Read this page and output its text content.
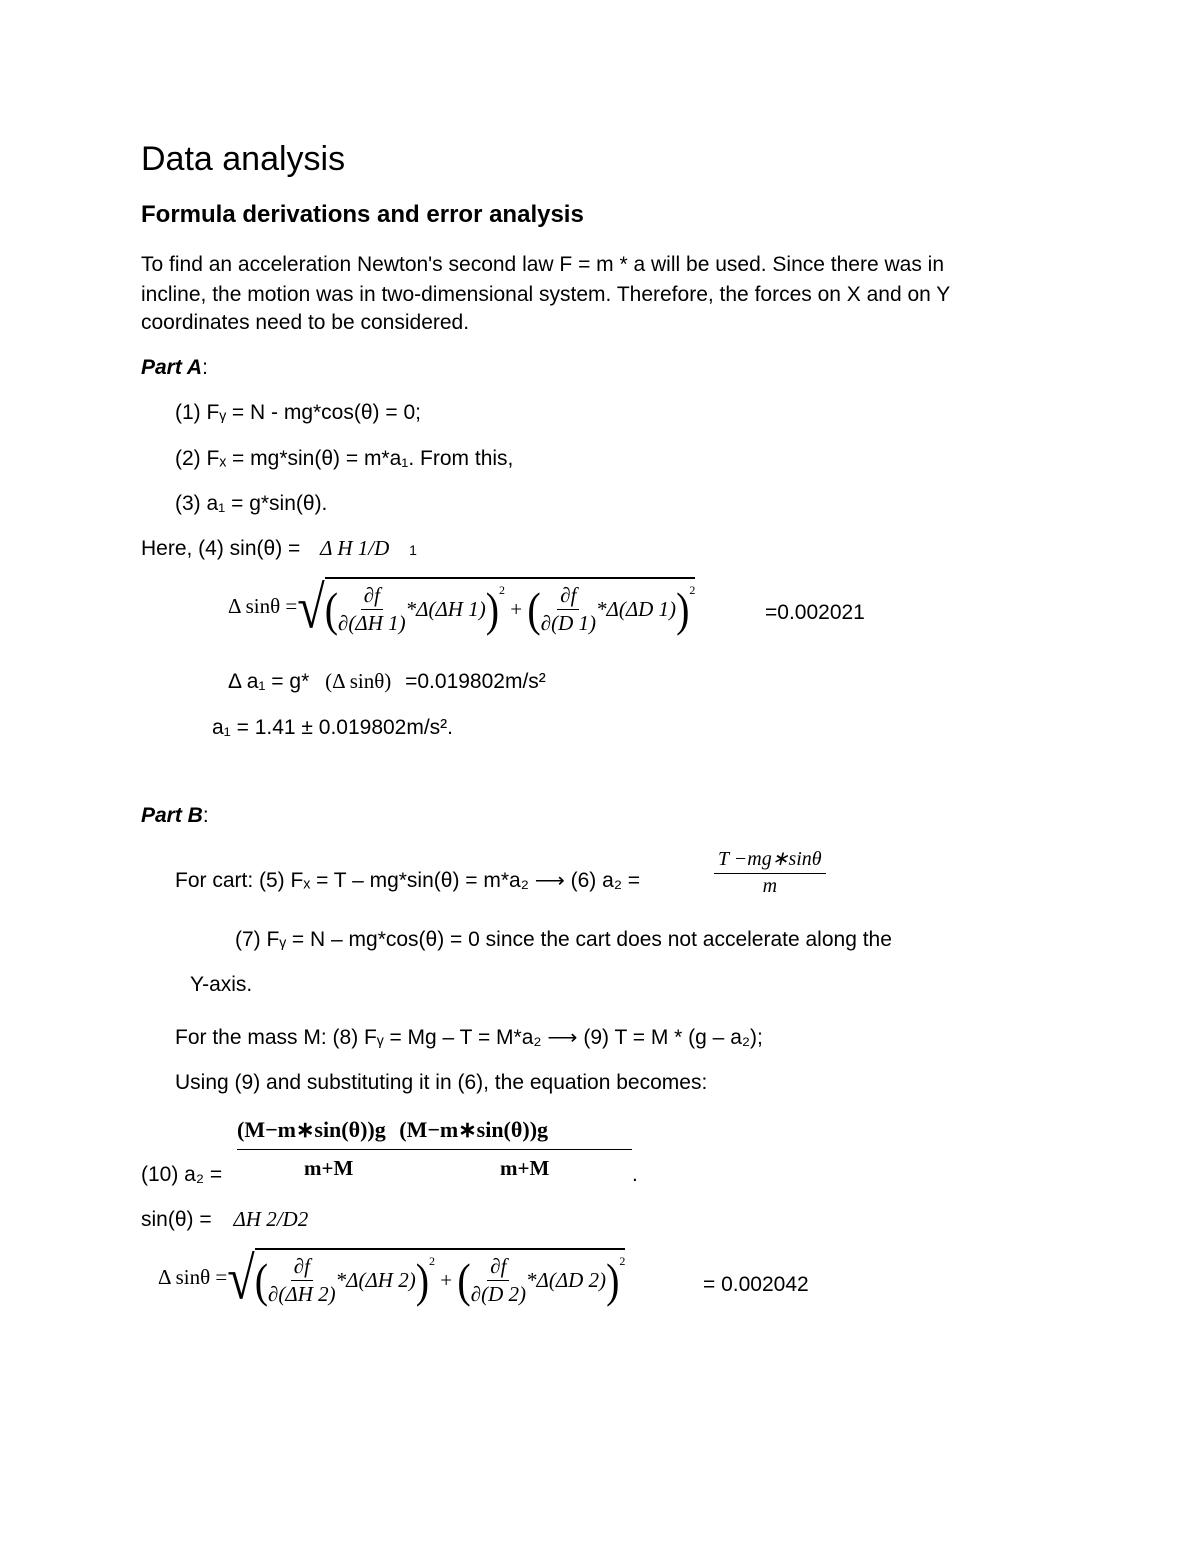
Data analysis
Formula derivations and error analysis
To find an acceleration Newton's second law F = m * a will be used. Since there was in
incline, the motion was in two-dimensional system. Therefore, the forces on X and on Y
coordinates need to be considered.
Part A:
(1) Fᵧ = N - mg*cos(θ) = 0;
(2) Fₓ = mg*sin(θ) = m*a₁. From this,
(3) a₁ = g*sin(θ).
Here, (4) sin(θ) = Δ H 1/D 1
Δ sinθ =√( $\frac{\partial f}{\partial(\Delta H 1)} *\Delta(\Delta H$ 1))$^2$ + ( $\frac{\partial f}{\partial(D 1)} *\Delta(\Delta D$ 1))$^2$
=0.002021
Δ a₁ = g* (Δ sinθ) =0.019802m/s²
a₁ = 1.41 ± 0.019802m/s².
Part B:
For cart: (5) Fₓ = T – mg*sin(θ) = m*a₂ ⟶ (6) a₂ =	$\frac{T -mg∗\sin\theta}{m}$
(7) Fᵧ = N – mg*cos(θ) = 0 since the cart does not accelerate along the
Y-axis.
For the mass M: (8) Fᵧ = Mg – T = M*a₂ ⟶ (9) T = M * (g – a₂);
Using (9) and substituting it in (6), the equation becomes:
(M−m∗sin(θ))g (M−m∗sin(θ))g
m+M	m+M
(10) a₂ =	.
sin(θ) = ΔH 2/D2
Δ sinθ =√( $\frac{\partial f}{\partial(\Delta H 2)} *\Delta(\Delta H$ 2))$^2$ + ( $\frac{\partial f}{\partial(D 2)} *\Delta(\Delta D$ 2))$^2$
= 0.002042
